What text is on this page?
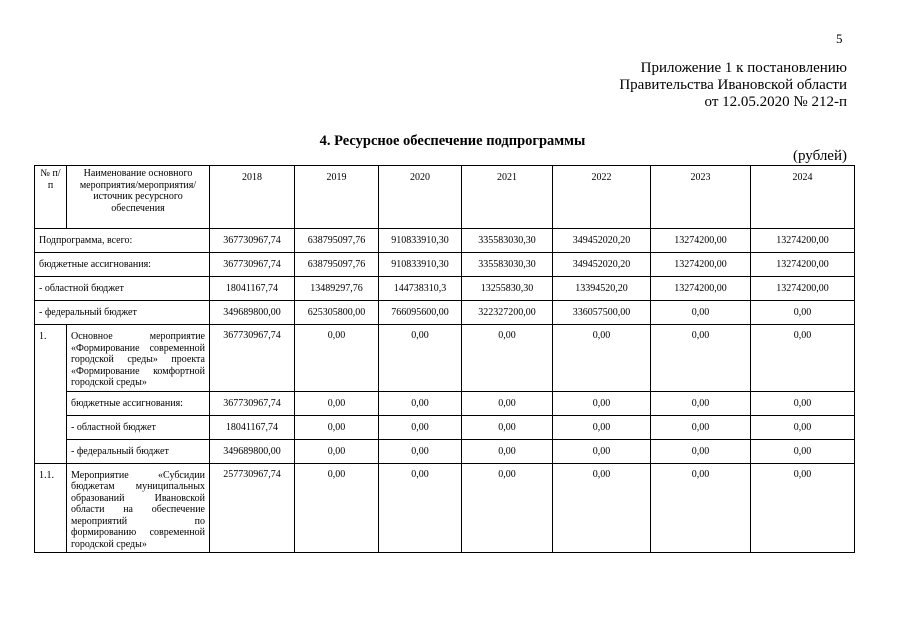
5
Приложение 1 к постановлению
Правительства Ивановской области
от 12.05.2020 № 212-п
4. Ресурсное обеспечение подпрограммы
(рублей)
№ п/п	Наименование основного мероприятия/мероприятия/ источник ресурсного обеспечения	2018	2019	2020	2021	2022	2023	2024
Подпрограмма, всего:		367730967,74	638795097,76	910833910,30	335583030,30	349452020,20	13274200,00	13274200,00
бюджетные ассигнования:		367730967,74	638795097,76	910833910,30	335583030,30	349452020,20	13274200,00	13274200,00
- областной бюджет		18041167,74	13489297,76	144738310,3	13255830,30	13394520,20	13274200,00	13274200,00
- федеральный бюджет		349689800,00	625305800,00	766095600,00	322327200,00	336057500,00	0,00	0,00
1.	Основное мероприятие «Формирование современной городской среды» проекта «Формирование комфортной городской среды»	367730967,74	0,00	0,00	0,00	0,00	0,00	0,00
	бюджетные ассигнования:	367730967,74	0,00	0,00	0,00	0,00	0,00	0,00
	- областной бюджет	18041167,74	0,00	0,00	0,00	0,00	0,00	0,00
	- федеральный бюджет	349689800,00	0,00	0,00	0,00	0,00	0,00	0,00
1.1.	Мероприятие «Субсидии бюджетам муниципальных образований Ивановской области на обеспечение мероприятий по формированию современной городской среды»	257730967,74	0,00	0,00	0,00	0,00	0,00	0,00
